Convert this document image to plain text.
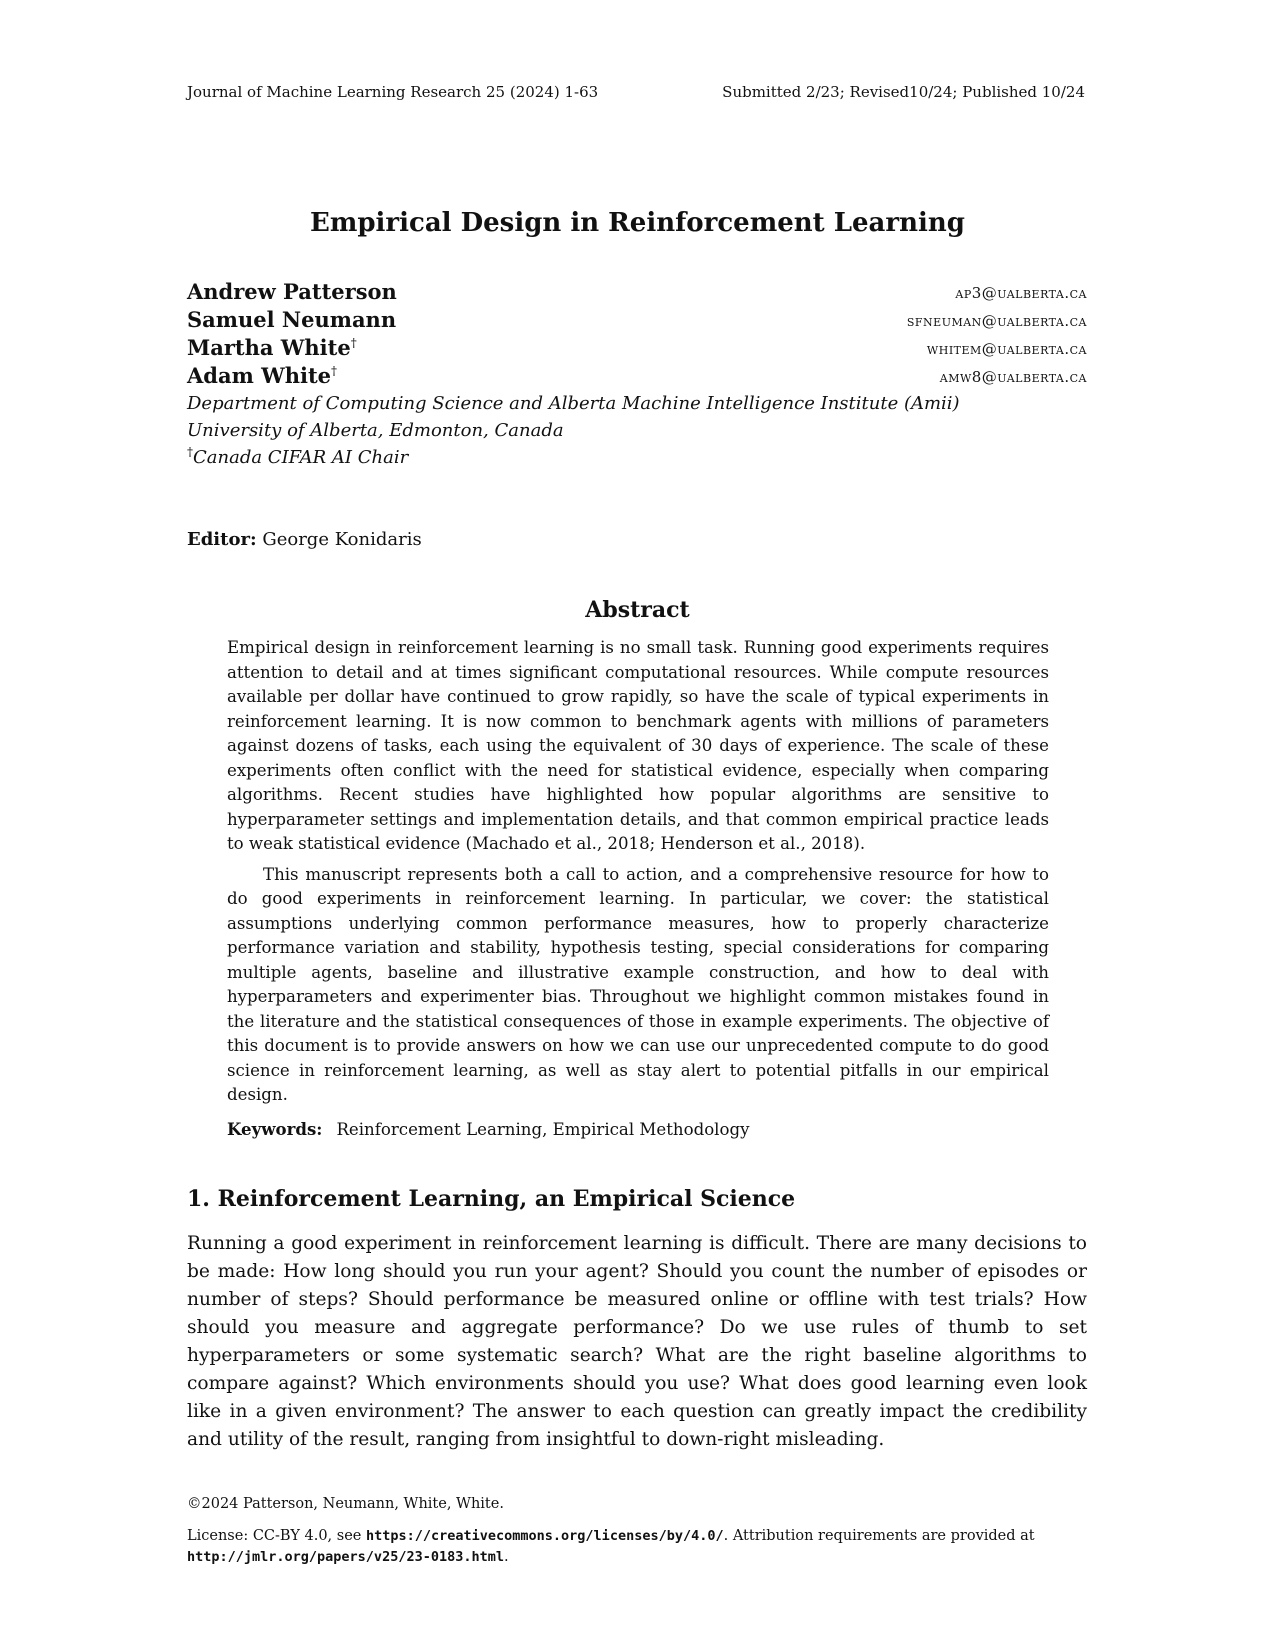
Journal of Machine Learning Research 25 (2024) 1-63	Submitted 2/23; Revised10/24; Published 10/24
Empirical Design in Reinforcement Learning
Andrew Patterson	ap3@ualberta.ca
Samuel Neumann	sfneuman@ualberta.ca
Martha White†	whitem@ualberta.ca
Adam White†	amw8@ualberta.ca
Department of Computing Science and Alberta Machine Intelligence Institute (Amii)
University of Alberta, Edmonton, Canada
†Canada CIFAR AI Chair
Editor: George Konidaris
Abstract

Empirical design in reinforcement learning is no small task. Running good experiments requires attention to detail and at times significant computational resources. While compute resources available per dollar have continued to grow rapidly, so have the scale of typical experiments in reinforcement learning. It is now common to benchmark agents with millions of parameters against dozens of tasks, each using the equivalent of 30 days of experience. The scale of these experiments often conflict with the need for statistical evidence, especially when comparing algorithms. Recent studies have highlighted how popular algorithms are sensitive to hyperparameter settings and implementation details, and that common empirical practice leads to weak statistical evidence (Machado et al., 2018; Henderson et al., 2018).

This manuscript represents both a call to action, and a comprehensive resource for how to do good experiments in reinforcement learning. In particular, we cover: the statistical assumptions underlying common performance measures, how to properly characterize performance variation and stability, hypothesis testing, special considerations for comparing multiple agents, baseline and illustrative example construction, and how to deal with hyperparameters and experimenter bias. Throughout we highlight common mistakes found in the literature and the statistical consequences of those in example experiments. The objective of this document is to provide answers on how we can use our unprecedented compute to do good science in reinforcement learning, as well as stay alert to potential pitfalls in our empirical design.

Keywords: Reinforcement Learning, Empirical Methodology
1. Reinforcement Learning, an Empirical Science

Running a good experiment in reinforcement learning is difficult. There are many decisions to be made: How long should you run your agent? Should you count the number of episodes or number of steps? Should performance be measured online or offline with test trials? How should you measure and aggregate performance? Do we use rules of thumb to set hyperparameters or some systematic search? What are the right baseline algorithms to compare against? Which environments should you use? What does good learning even look like in a given environment? The answer to each question can greatly impact the credibility and utility of the result, ranging from insightful to down-right misleading.

©2024 Patterson, Neumann, White, White.
License: CC-BY 4.0, see https://creativecommons.org/licenses/by/4.0/. Attribution requirements are provided at http://jmlr.org/papers/v25/23-0183.html.
